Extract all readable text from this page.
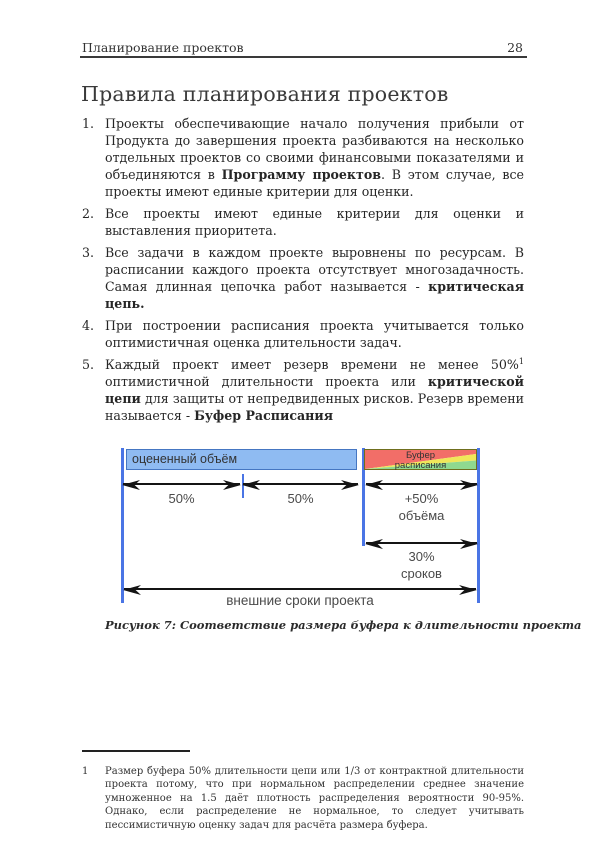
Планирование проектов	28
Правила планирования проектов
1. Проекты обеспечивающие начало получения прибыли от Продукта до завершения проекта разбиваются на несколько отдельных проектов со своими финансовыми показателями и объединяются в Программу проектов. В этом случае, все проекты имеют единые критерии для оценки.
2. Все проекты имеют единые критерии для оценки и выставления приоритета.
3. Все задачи в каждом проекте выровнены по ресурсам. В расписании каждого проекта отсутствует многозадачность. Самая длинная цепочка работ называется - критическая цепь.
4. При построении расписания проекта учитывается только оптимистичная оценка длительности задач.
5. Каждый проект имеет резерв времени не менее 50%$^1$ оптимистичной длительности проекта или критической цепи для защиты от непредвиденных рисков. Резерв времени называется - Буфер Расписания
оцененный объём	Буфер
расписания
50%	50%	+50%
объёма
30%
сроков
внешние сроки проекта
Рисунок 7: Соответствие размера буфера к длительности проекта
1	Размер буфера 50% длительности цепи или 1/3 от контрактной длительности проекта потому, что при нормальном распределении среднее значение умноженное на 1.5 даёт плотность распределения вероятности 90-95%. Однако, если распределение не нормальное, то следует учитывать пессимистичную оценку задач для расчёта размера буфера.
